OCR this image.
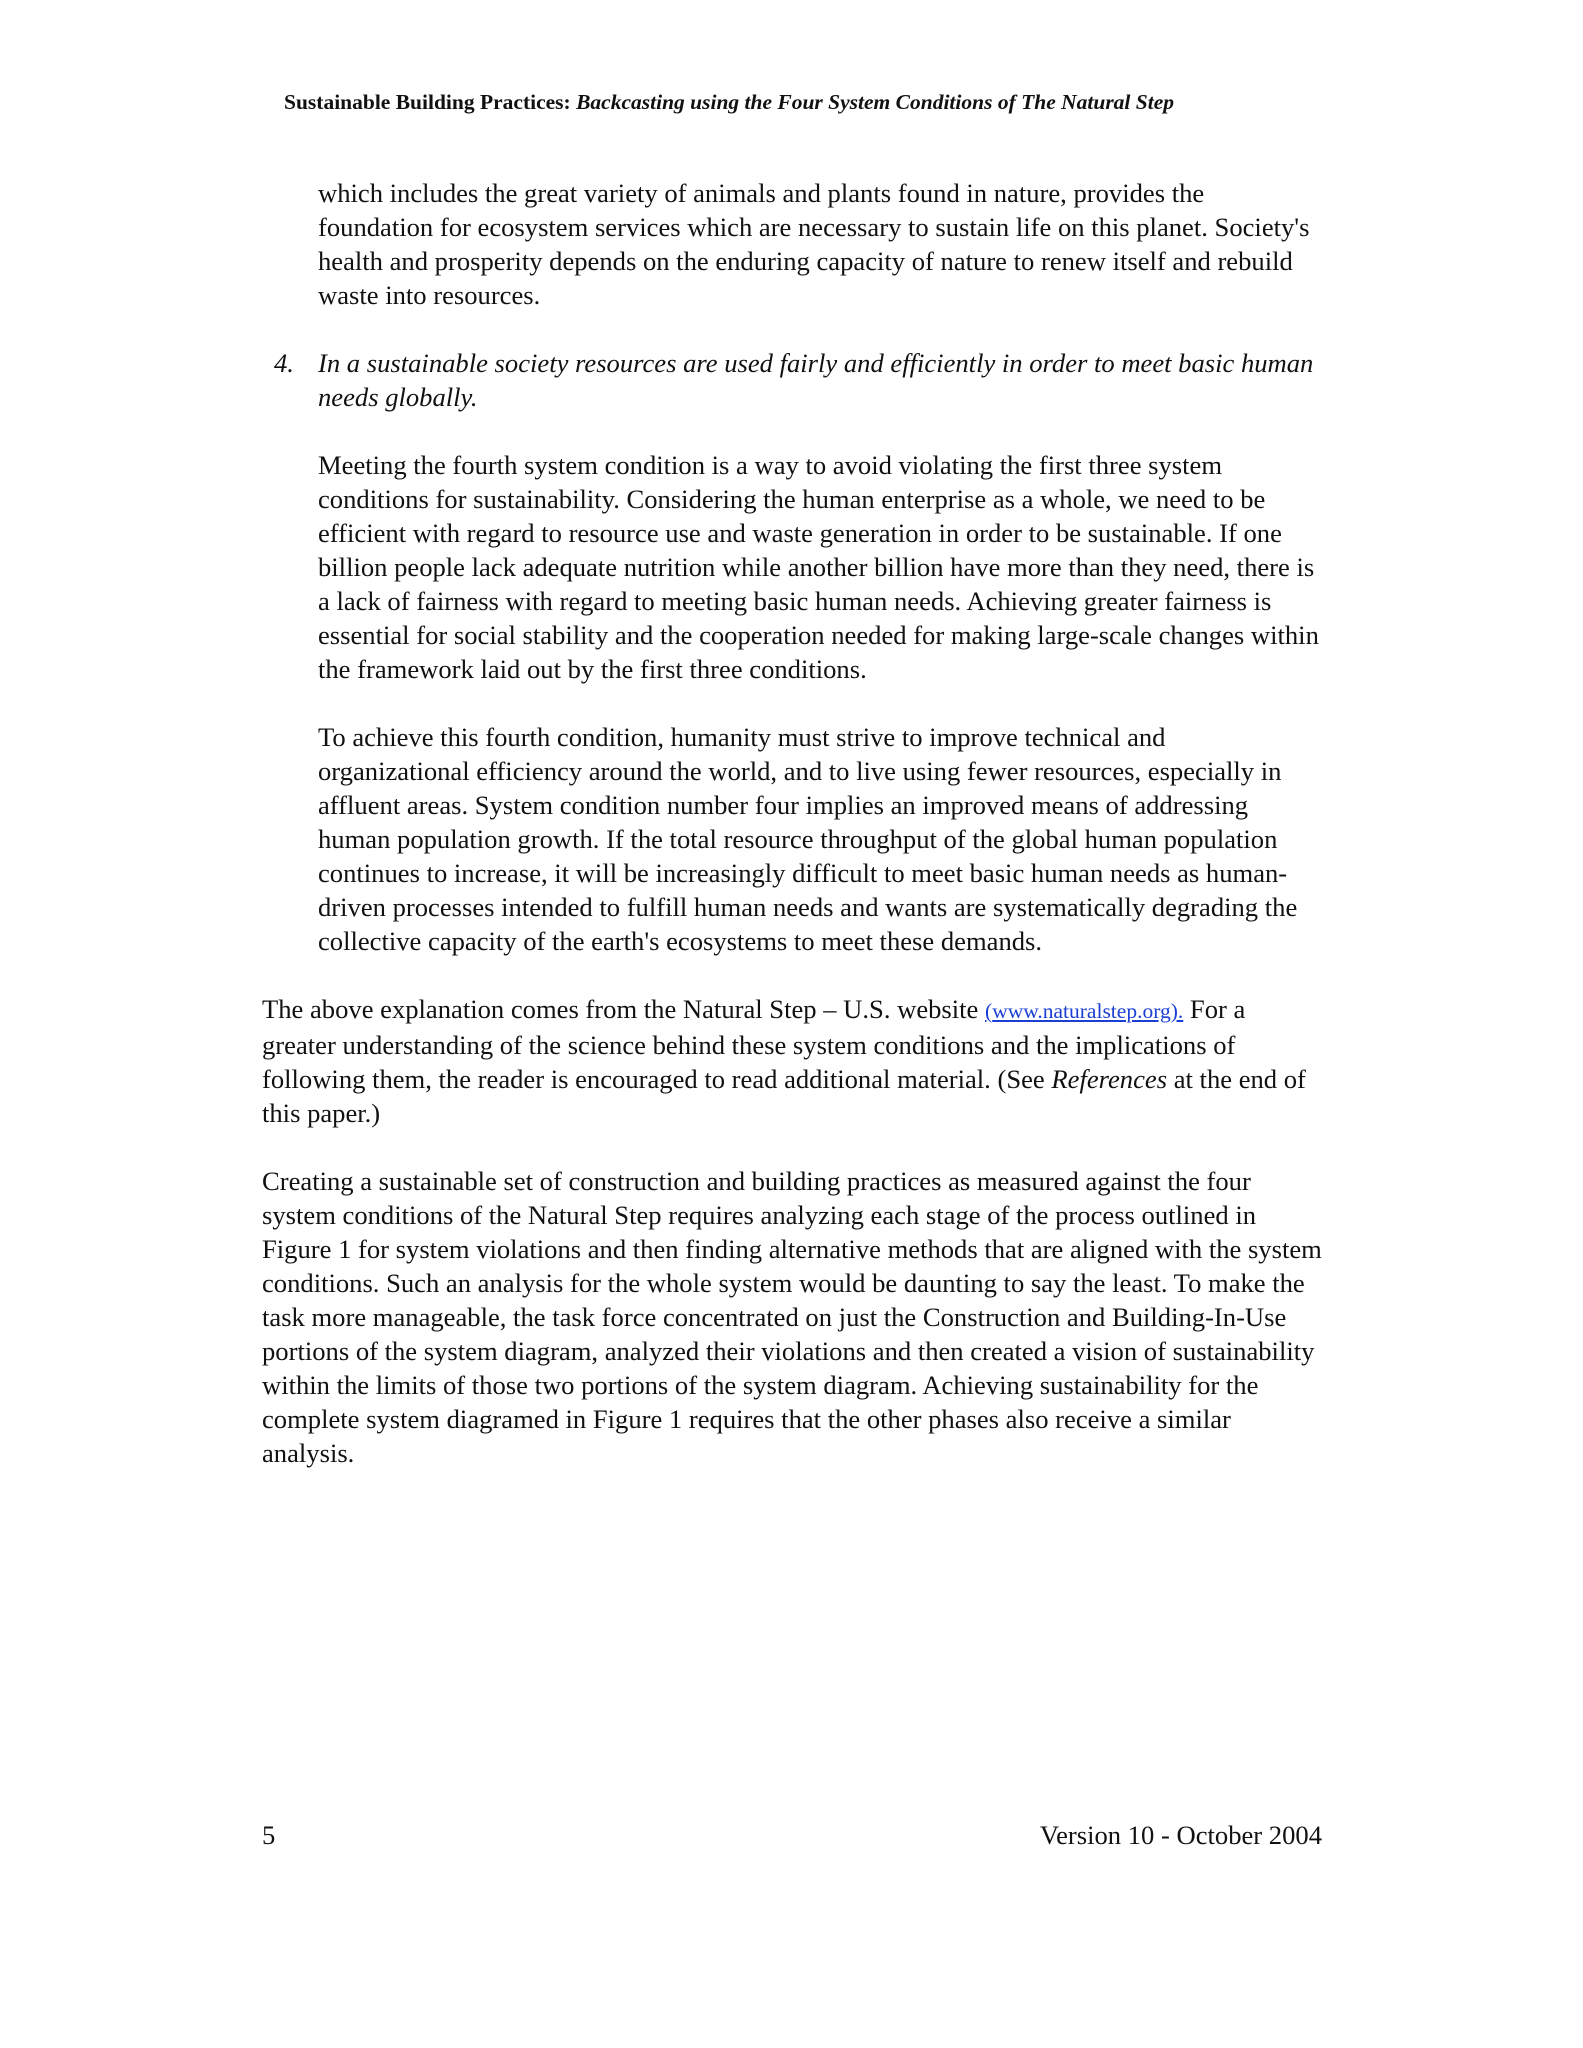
Sustainable Building Practices: Backcasting using the Four System Conditions of The Natural Step

which includes the great variety of animals and plants found in nature, provides the foundation for ecosystem services which are necessary to sustain life on this planet. Society's health and prosperity depends on the enduring capacity of nature to renew itself and rebuild waste into resources.

4. In a sustainable society resources are used fairly and efficiently in order to meet basic human needs globally.

Meeting the fourth system condition is a way to avoid violating the first three system conditions for sustainability. Considering the human enterprise as a whole, we need to be efficient with regard to resource use and waste generation in order to be sustainable. If one billion people lack adequate nutrition while another billion have more than they need, there is a lack of fairness with regard to meeting basic human needs. Achieving greater fairness is essential for social stability and the cooperation needed for making large-scale changes within the framework laid out by the first three conditions.

To achieve this fourth condition, humanity must strive to improve technical and organizational efficiency around the world, and to live using fewer resources, especially in affluent areas. System condition number four implies an improved means of addressing human population growth. If the total resource throughput of the global human population continues to increase, it will be increasingly difficult to meet basic human needs as human-driven processes intended to fulfill human needs and wants are systematically degrading the collective capacity of the earth's ecosystems to meet these demands.

The above explanation comes from the Natural Step – U.S. website (www.naturalstep.org). For a greater understanding of the science behind these system conditions and the implications of following them, the reader is encouraged to read additional material. (See References at the end of this paper.)

Creating a sustainable set of construction and building practices as measured against the four system conditions of the Natural Step requires analyzing each stage of the process outlined in Figure 1 for system violations and then finding alternative methods that are aligned with the system conditions. Such an analysis for the whole system would be daunting to say the least. To make the task more manageable, the task force concentrated on just the Construction and Building-In-Use portions of the system diagram, analyzed their violations and then created a vision of sustainability within the limits of those two portions of the system diagram. Achieving sustainability for the complete system diagramed in Figure 1 requires that the other phases also receive a similar analysis.

5	Version 10 - October 2004
